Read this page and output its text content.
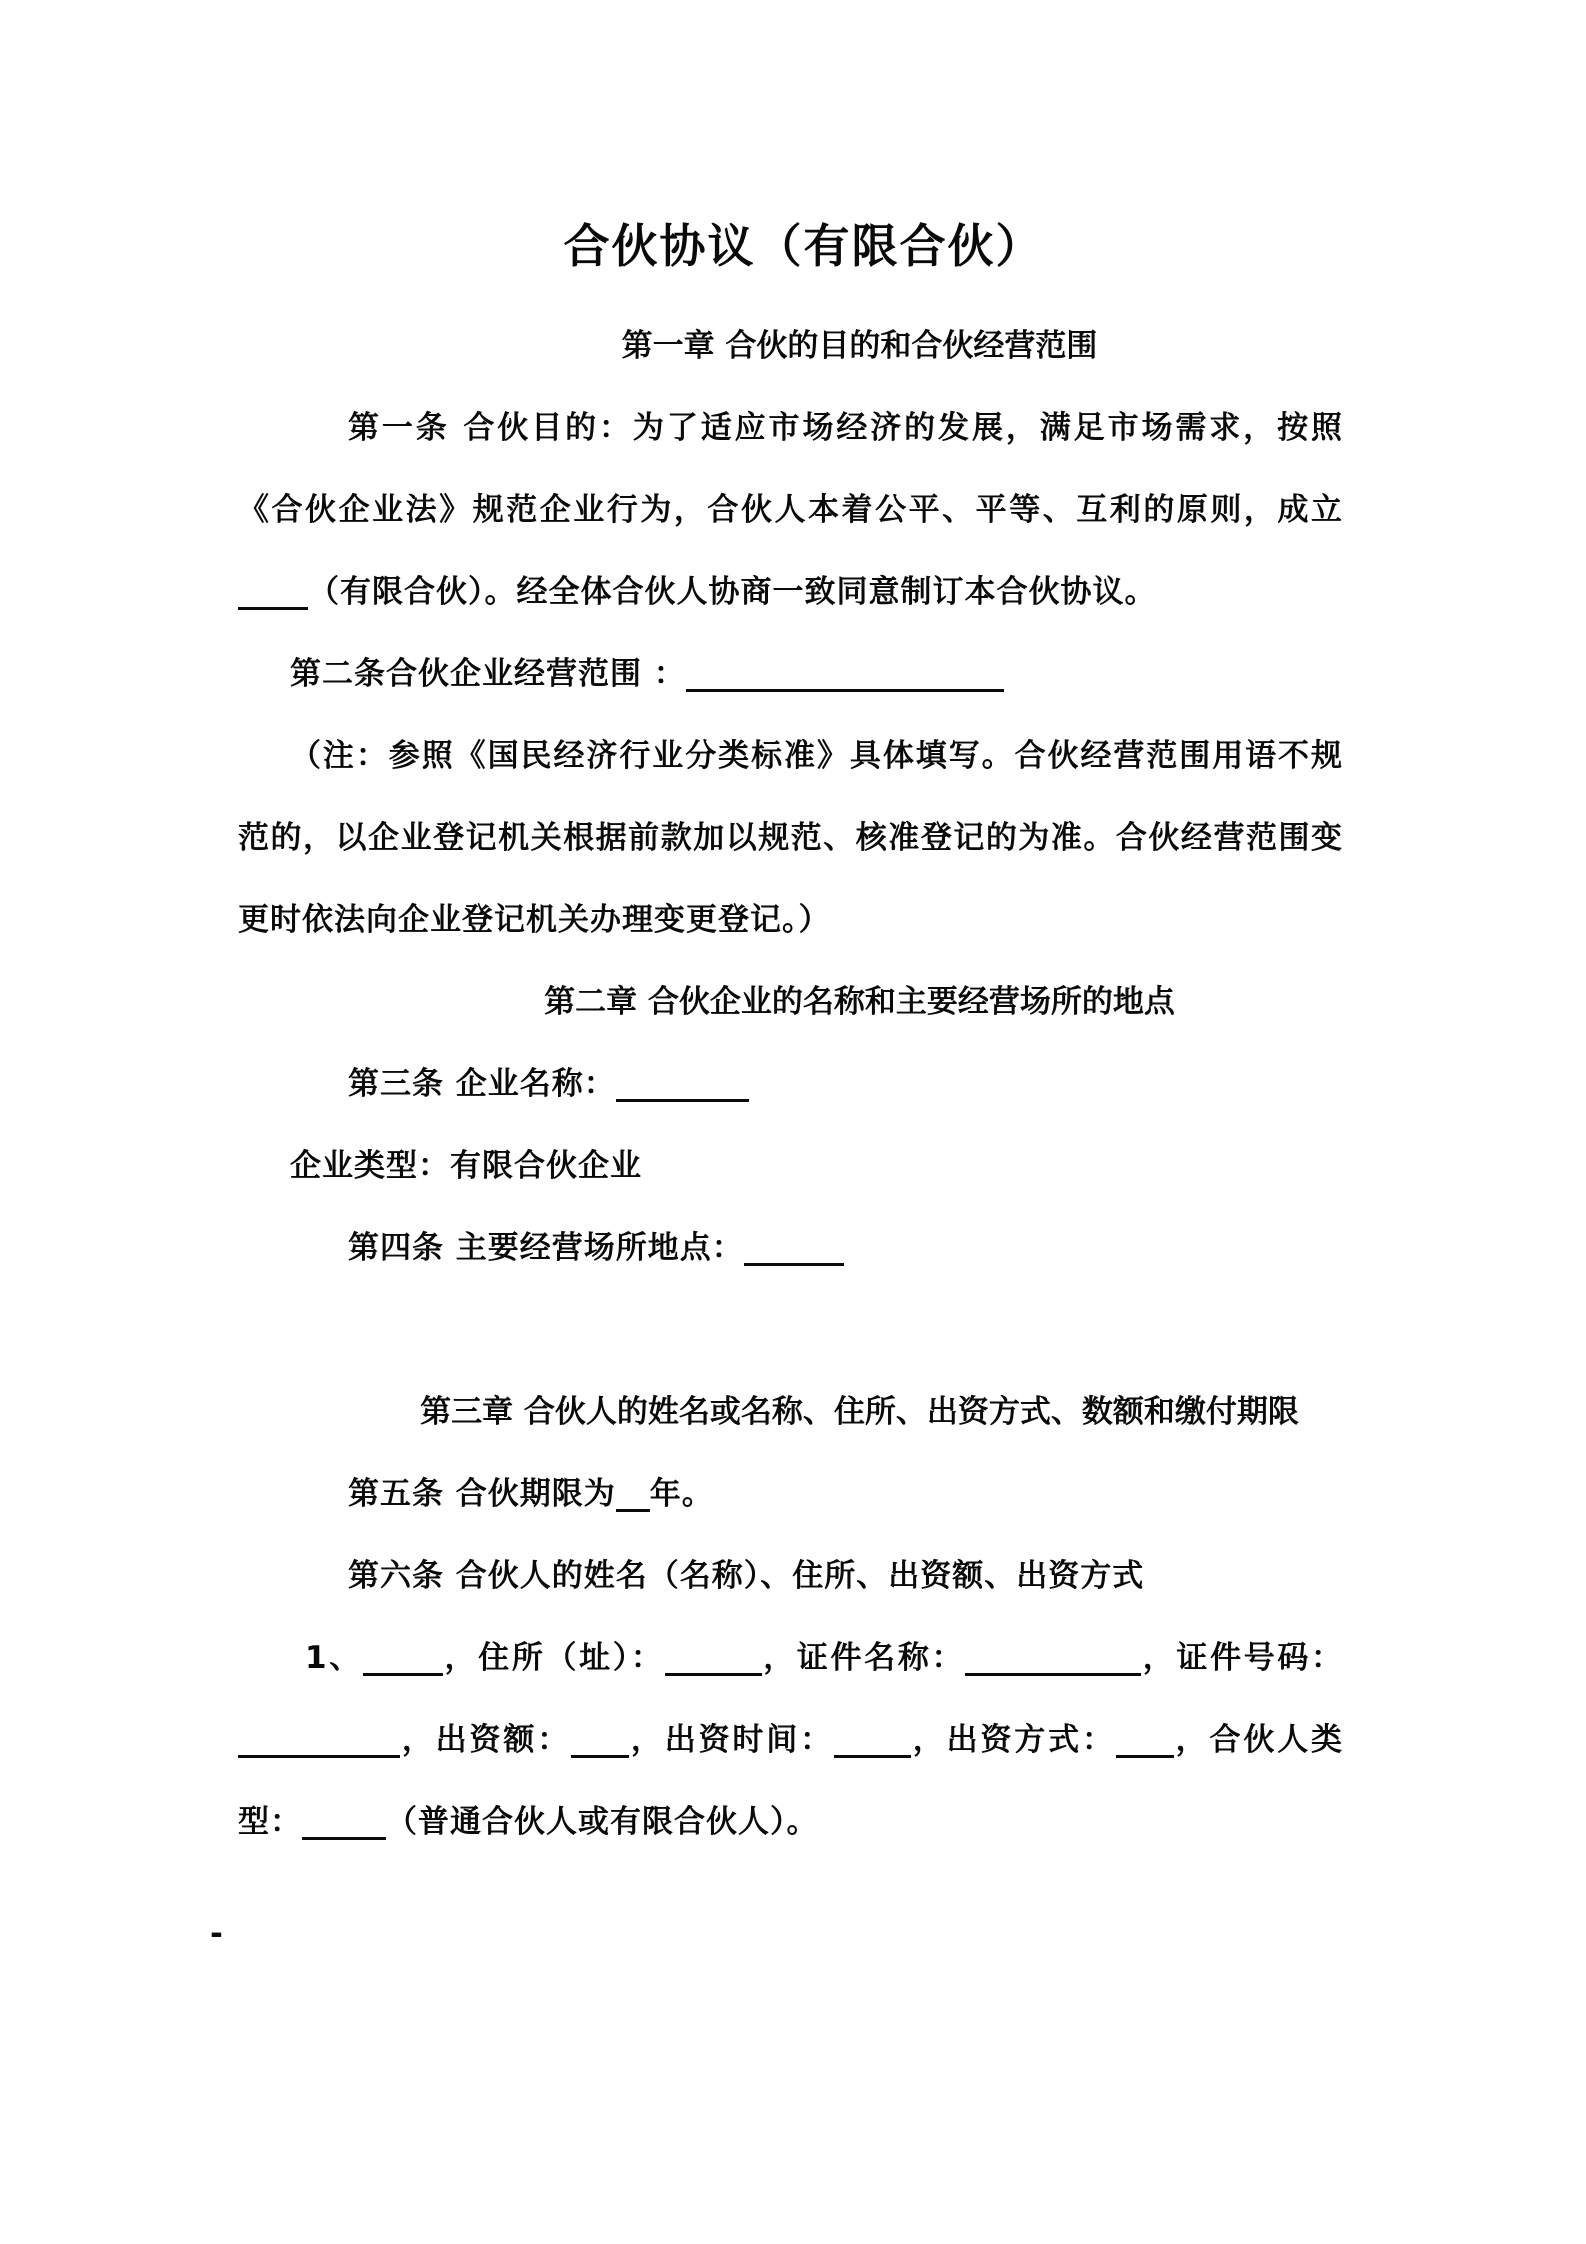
合伙协议（有限合伙）
第一章 合伙的目的和合伙经营范围

第一条 合伙目的：为了适应市场经济的发展，满足市场需求，按照《合伙企业法》规范企业行为，合伙人本着公平、平等、互利的原则，成立（有限合伙）。经全体合伙人协商一致同意制订本合伙协议。

第二条合伙企业经营范围 ：

（注：参照《国民经济行业分类标准》具体填写。合伙经营范围用语不规范的，以企业登记机关根据前款加以规范、核准登记的为准。合伙经营范围变更时依法向企业登记机关办理变更登记。）

第二章 合伙企业的名称和主要经营场所的地点

第三条 企业名称：

企业类型：有限合伙企业

第四条 主要经营场所地点：

第三章 合伙人的姓名或名称、住所、出资方式、数额和缴付期限

第五条 合伙期限为 年。

第六条 合伙人的姓名（名称）、住所、出资额、出资方式

1、	，住所（址）：	，证件名称：	，证件号码：，出资额： ，出资时间： ，出资方式： ，合伙人类型：	（普通合伙人或有限合伙人）。

-
